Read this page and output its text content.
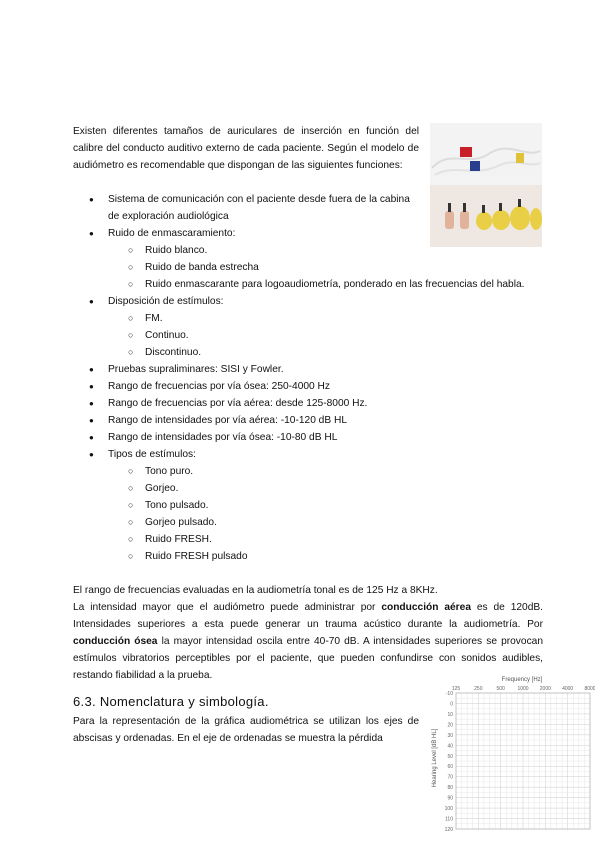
Existen diferentes tamaños de auriculares de inserción en función del calibre del conducto auditivo externo de cada paciente. Según el modelo de audiómetro es recomendable que dispongan de las siguientes funciones:

● Sistema de comunicación con el paciente desde fuera de la cabina de exploración audiológica
● Ruido de enmascaramiento:
○ Ruido blanco.
○ Ruido de banda estrecha
○ Ruido enmascarante para logoaudiometría, ponderado en las frecuencias del habla.
● Disposición de estímulos:
○ FM.
○ Continuo.
○ Discontinuo.
● Pruebas supraliminares: SISI y Fowler.
● Rango de frecuencias por vía ósea: 250-4000 Hz
● Rango de frecuencias por vía aérea: desde 125-8000 Hz.
● Rango de intensidades por vía aérea: -10-120 dB HL
● Rango de intensidades por vía ósea: -10-80 dB HL
● Tipos de estímulos:
○ Tono puro.
○ Gorjeo.
○ Tono pulsado.
○ Gorjeo pulsado.
○ Ruido FRESH.
○ Ruido FRESH pulsado

El rango de frecuencias evaluadas en la audiometría tonal es de 125 Hz a 8KHz.

La intensidad mayor que el audiómetro puede administrar por conducción aérea es de 120dB. Intensidades superiores a esta puede generar un trauma acústico durante la audiometría. Por conducción ósea la mayor intensidad oscila entre 40-70 dB. A intensidades superiores se provocan estímulos vibratorios perceptibles por el paciente, que pueden confundirse con sonidos audibles, restando fiabilidad a la prueba.

6.3. Nomenclatura y simbología.

Para la representación de la gráfica audiométrica se utilizan los ejes de abscisas y ordenadas. En el eje de ordenadas se muestra la pérdida

Frequency [Hz]
Hearing Level [dB HL]
125	250	500	1000 2000 4000 8000
-10
0
10
20
30
40
50
60
70
80
90
100
110
120
